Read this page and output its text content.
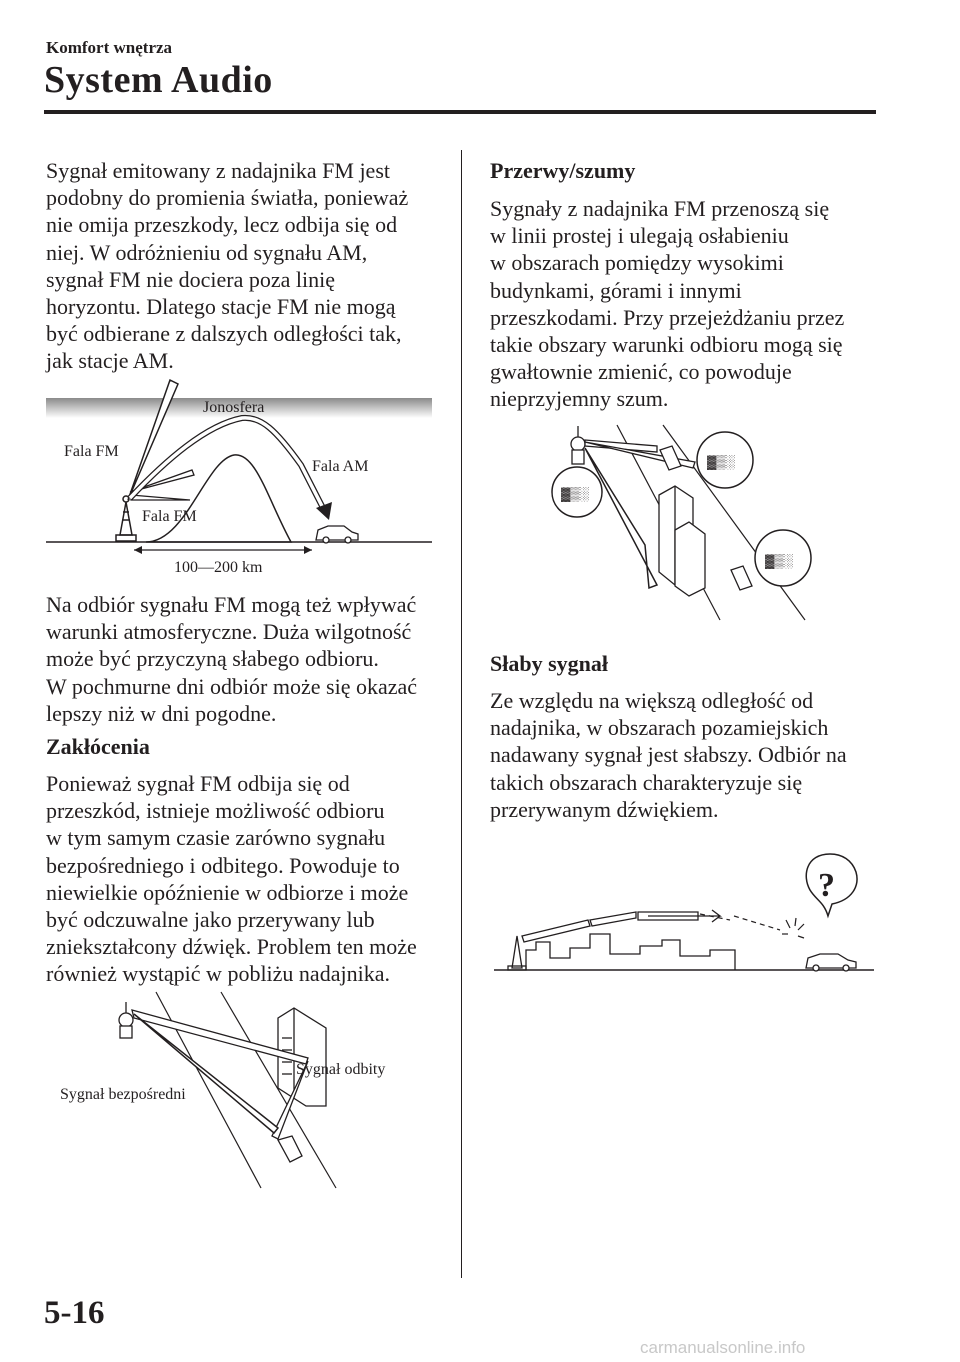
Komfort wnętrza
System Audio

Sygnał emitowany z nadajnika FM jest

podobny do promienia światła, ponieważ

nie omija przeszkody, lecz odbija się od

niej. W odróżnieniu od sygnału AM,

sygnał FM nie dociera poza linię

horyzontu. Dlatego stacje FM nie mogą

być odbierane z dalszych odległości tak,

jak stacje AM.

Jonosfera
Fala FM
Fala FM
Fala AM
100—200 km

Na odbiór sygnału FM mogą też wpływać

warunki atmosferyczne. Duża wilgotność

może być przyczyną słabego odbioru.

W pochmurne dni odbiór może się okazać

lepszy niż w dni pogodne.

Zakłócenia

Ponieważ sygnał FM odbija się od

przeszkód, istnieje możliwość odbioru

w tym samym czasie zarówno sygnału

bezpośredniego i odbitego. Powoduje to

niewielkie opóźnienie w odbiorze i może

być odczuwalne jako przerywany lub

zniekształcony dźwięk. Problem ten może

również wystąpić w pobliżu nadajnika.

Sygnał odbity
Sygnał bezpośredni

Przerwy/szumy

Sygnały z nadajnika FM przenoszą się

w linii prostej i ulegają osłabieniu

w obszarach pomiędzy wysokimi

budynkami, górami i innymi

przeszkodami. Przy przejeżdżaniu przez

takie obszary warunki odbioru mogą się

gwałtownie zmienić, co powoduje

nieprzyjemny szum.

▓▒░
▓▒░
▓▒░

Słaby sygnał

Ze względu na większą odległość od

nadajnika, w obszarach pozamiejskich

nadawany sygnał jest słabszy. Odbiór na

takich obszarach charakteryzuje się

przerywanym dźwiękiem.

?
5-16
carmanualsonline.info
